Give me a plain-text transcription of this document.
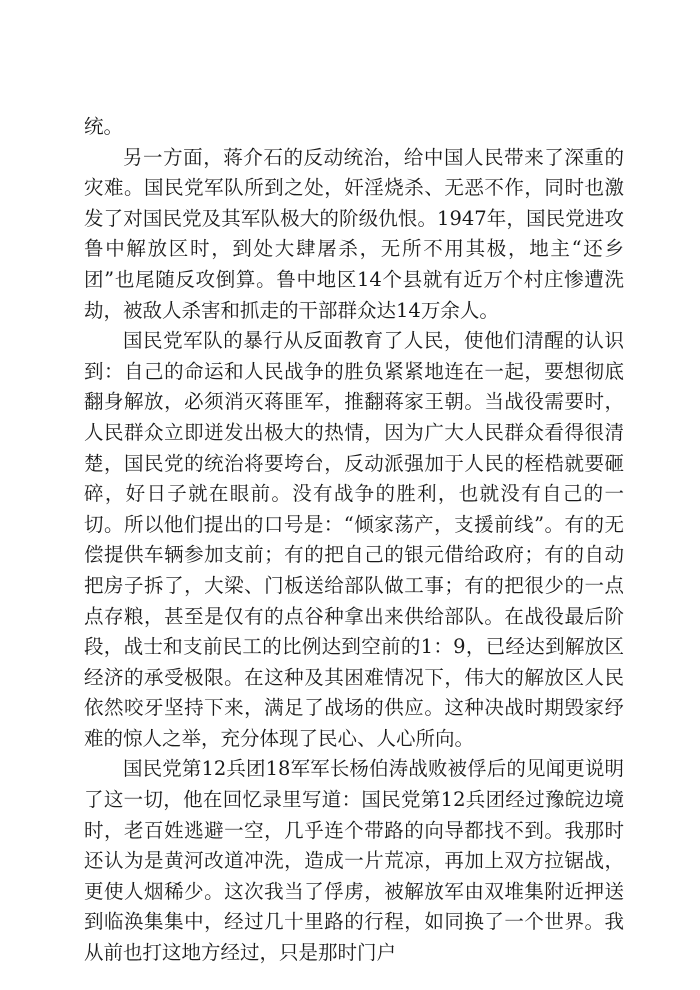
统。

另一方面，蒋介石的反动统治，给中国人民带来了深重的灾难。国民党军队所到之处，奸淫烧杀、无恶不作，同时也激发了对国民党及其军队极大的阶级仇恨。1947年，国民党进攻鲁中解放区时，到处大肆屠杀，无所不用其极，地主“还乡团”也尾随反攻倒算。鲁中地区14个县就有近万个村庄惨遭洗劫，被敌人杀害和抓走的干部群众达14万余人。

国民党军队的暴行从反面教育了人民，使他们清醒的认识到：自己的命运和人民战争的胜负紧紧地连在一起，要想彻底翻身解放，必须消灭蒋匪军，推翻蒋家王朝。当战役需要时，人民群众立即迸发出极大的热情，因为广大人民群众看得很清楚，国民党的统治将要垮台，反动派强加于人民的桎梏就要砸碎，好日子就在眼前。没有战争的胜利，也就没有自己的一切。所以他们提出的口号是：“倾家荡产，支援前线”。有的无偿提供车辆参加支前；有的把自己的银元借给政府；有的自动把房子拆了，大梁、门板送给部队做工事；有的把很少的一点点存粮，甚至是仅有的点谷种拿出来供给部队。在战役最后阶段，战士和支前民工的比例达到空前的1：9，已经达到解放区经济的承受极限。在这种及其困难情况下，伟大的解放区人民依然咬牙坚持下来，满足了战场的供应。这种决战时期毁家纾难的惊人之举，充分体现了民心、人心所向。

国民党第12兵团18军军长杨伯涛战败被俘后的见闻更说明了这一切，他在回忆录里写道：国民党第12兵团经过豫皖边境时，老百姓逃避一空，几乎连个带路的向导都找不到。我那时还认为是黄河改道冲洗，造成一片荒凉，再加上双方拉锯战，更使人烟稀少。这次我当了俘虏，被解放军由双堆集附近押送到临涣集集中，经过几十里路的行程，如同换了一个世界。我从前也打这地方经过，只是那时门户
